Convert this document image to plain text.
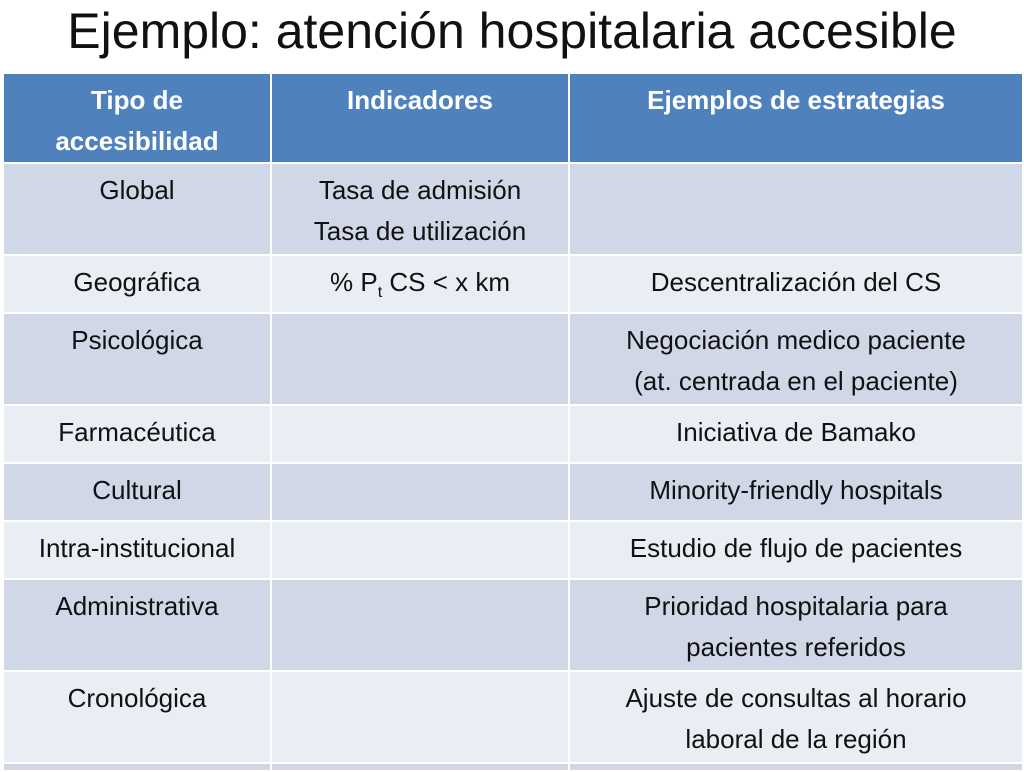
Ejemplo: atención hospitalaria accesible
Tipo de
accesibilidad	Indicadores	Ejemplos de estrategias
Global	Tasa de admisión
Tasa de utilización	

Geográfica	% $P_t$ CS < x km	Descentralización del CS
Psicológica		Negociación medico paciente
(at. centrada en el paciente)

Farmacéutica		Iniciativa de Bamako
Cultural		Minority-friendly hospitals
Intra-institucional		Estudio de flujo de pacientes
Administrativa		Prioridad hospitalaria para
pacientes referidos

Cronológica		Ajuste de consultas al horario
laboral de la región
